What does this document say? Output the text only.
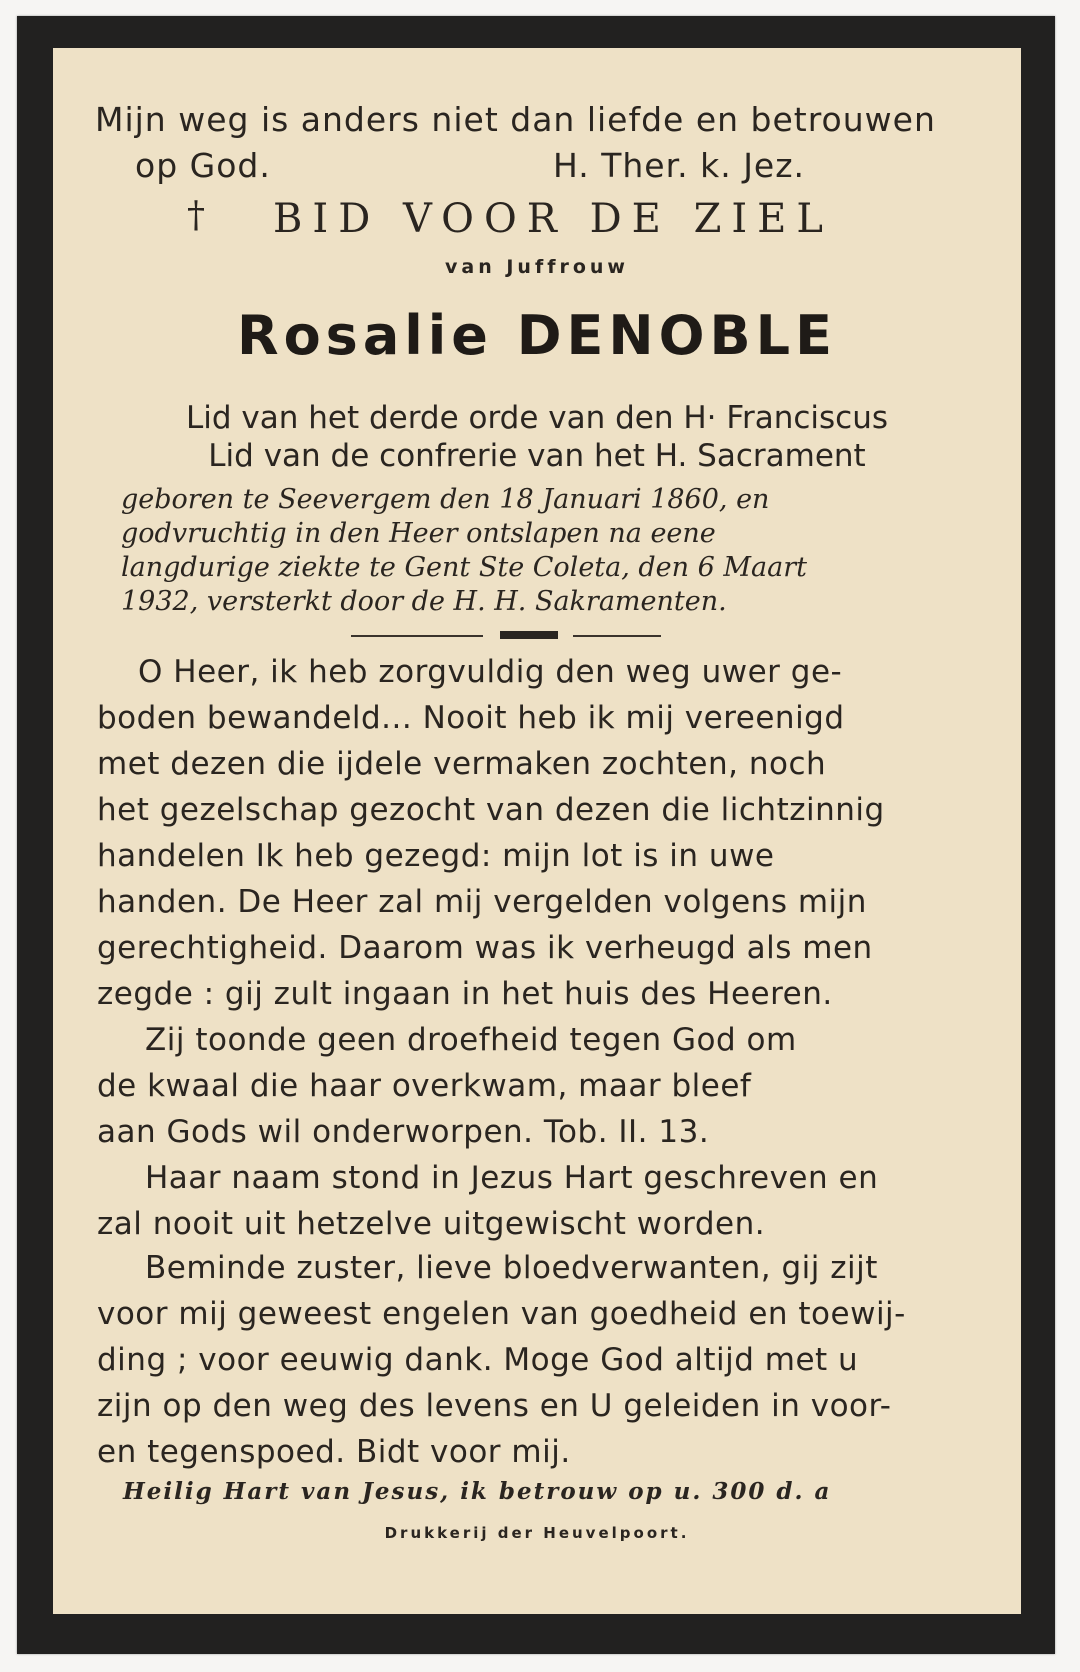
Mijn weg is anders niet dan liefde en betrouwen

op God.	H. Ther. k. Jez.

† BID VOOR DE ZIEL

van Juffrouw

Rosalie DENOBLE

Lid van het derde orde van den H· Franciscus

Lid van de confrerie van het H. Sacrament

geboren te Seevergem den 18 Januari 1860, en

godvruchtig in den Heer ontslapen na eene

langdurige ziekte te Gent Ste Coleta, den 6 Maart

1932, versterkt door de H. H. Sakramenten.

O Heer, ik heb zorgvuldig den weg uwer ge-

boden bewandeld... Nooit heb ik mij vereenigd

met dezen die ijdele vermaken zochten, noch

het gezelschap gezocht van dezen die lichtzinnig

handelen Ik heb gezegd: mijn lot is in uwe

handen. De Heer zal mij vergelden volgens mijn

gerechtigheid. Daarom was ik verheugd als men

zegde : gij zult ingaan in het huis des Heeren.

Zij toonde geen droefheid tegen God om

de kwaal die haar overkwam, maar bleef

aan Gods wil onderworpen. Tob. II. 13.

Haar naam stond in Jezus Hart geschreven en

zal nooit uit hetzelve uitgewischt worden.

Beminde zuster, lieve bloedverwanten, gij zijt

voor mij geweest engelen van goedheid en toewij-

ding ; voor eeuwig dank. Moge God altijd met u

zijn op den weg des levens en U geleiden in voor-

en tegenspoed. Bidt voor mij.

Heilig Hart van Jesus, ik betrouw op u. 300 d. a

Drukkerij der Heuvelpoort.
